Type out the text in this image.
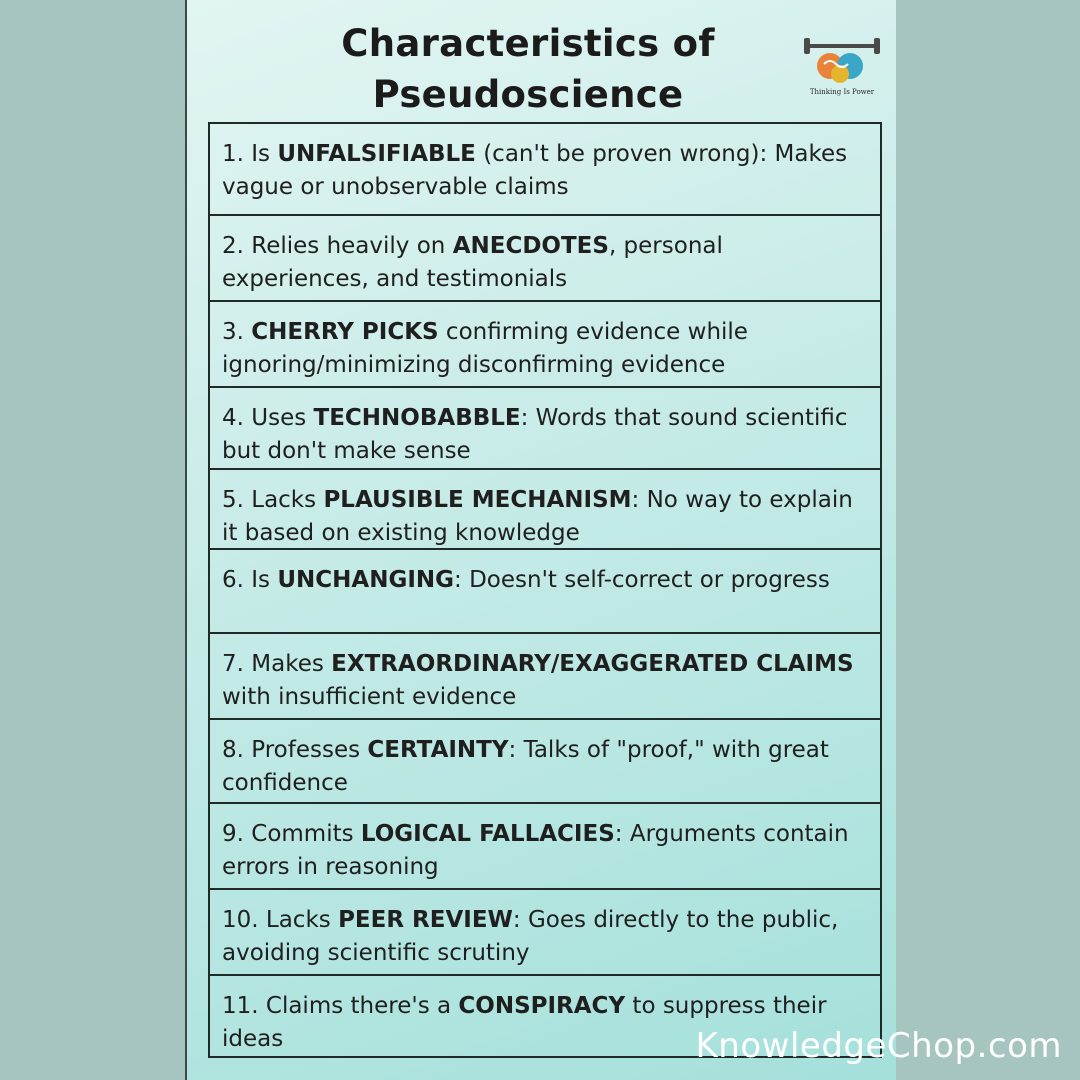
Characteristics of
Pseudoscience	Thinking Is Power
1. Is UNFALSIFIABLE (can't be proven wrong): Makes vague or unobservable claims
2. Relies heavily on ANECDOTES, personal experiences, and testimonials
3. CHERRY PICKS confirming evidence while ignoring/minimizing disconfirming evidence
4. Uses TECHNOBABBLE: Words that sound scientific but don't make sense
5. Lacks PLAUSIBLE MECHANISM: No way to explain it based on existing knowledge
6. Is UNCHANGING: Doesn't self-correct or progress
7. Makes EXTRAORDINARY/EXAGGERATED CLAIMS with insufficient evidence
8. Professes CERTAINTY: Talks of "proof," with great confidence
9. Commits LOGICAL FALLACIES: Arguments contain errors in reasoning
10. Lacks PEER REVIEW: Goes directly to the public, avoiding scientific scrutiny
11. Claims there's a CONSPIRACY to suppress their ideas	KnowledgeChop.com
